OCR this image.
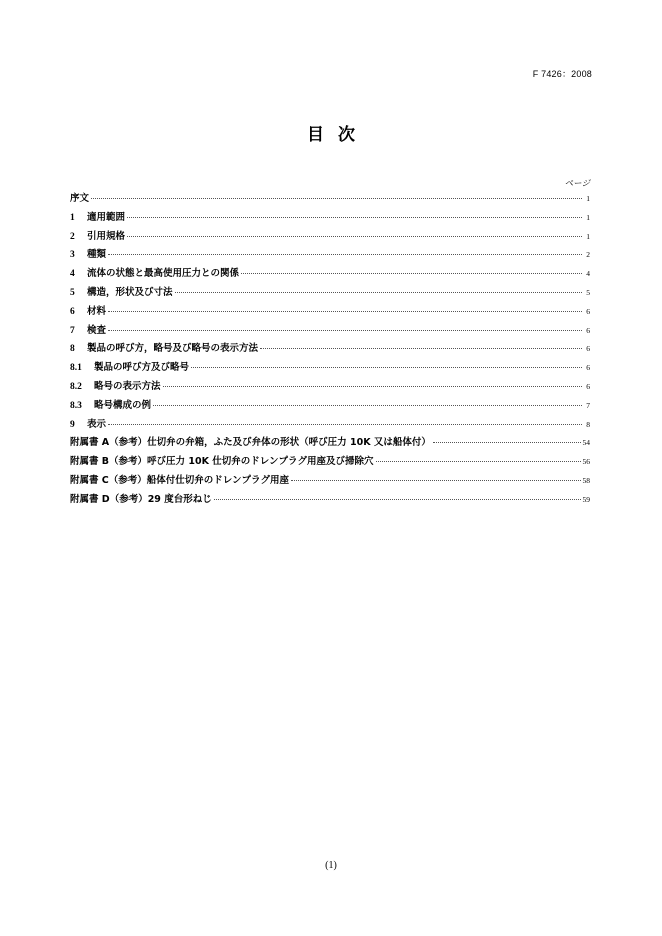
F 7426：2008
目次
ページ
序文	1
1	適用範囲	1
2	引用規格	1
3	種類	2
4	流体の状態と最高使用圧力との関係	4
5	構造，形状及び寸法	5
6	材料	6
7	検査	6
8	製品の呼び方，略号及び略号の表示方法	6
8.1	製品の呼び方及び略号	6
8.2	略号の表示方法	6
8.3	略号構成の例	7
9	表示	8
附属書 A（参考）仕切弁の弁箱，ふた及び弁体の形状（呼び圧力 10K 又は船体付）	54
附属書 B（参考）呼び圧力 10K 仕切弁のドレンプラグ用座及び掃除穴	56
附属書 C（参考）船体付仕切弁のドレンプラグ用座	58
附属書 D（参考）29 度台形ねじ	59
(1)
